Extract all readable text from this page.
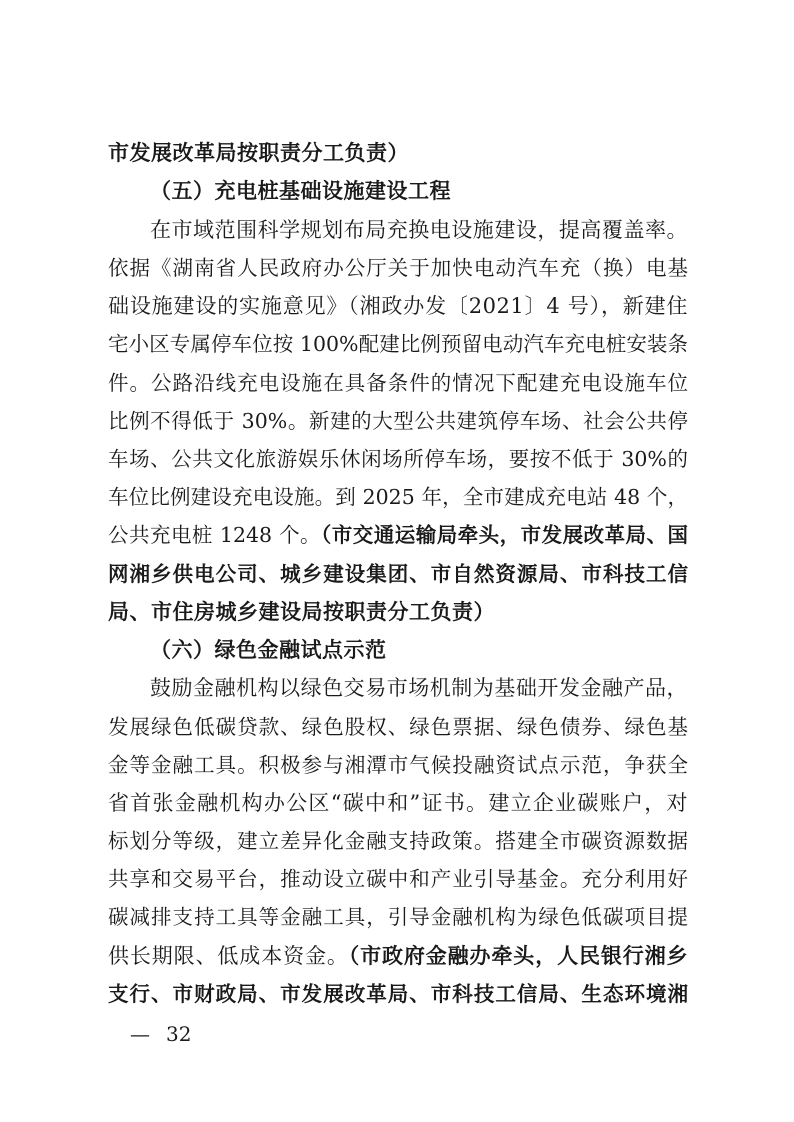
市发展改革局按职责分工负责）
（五）充电桩基础设施建设工程
在市域范围科学规划布局充换电设施建设，提高覆盖率。
依据《湖南省人民政府办公厅关于加快电动汽车充（换）电基
础设施建设的实施意见》（湘政办发〔2021〕4 号），新建住
宅小区专属停车位按 100%配建比例预留电动汽车充电桩安装条
件。公路沿线充电设施在具备条件的情况下配建充电设施车位
比例不得低于 30%。新建的大型公共建筑停车场、社会公共停
车场、公共文化旅游娱乐休闲场所停车场，要按不低于 30%的
车位比例建设充电设施。到 2025 年，全市建成充电站 48 个，
公共充电桩 1248 个。（市交通运输局牵头，市发展改革局、国
网湘乡供电公司、城乡建设集团、市自然资源局、市科技工信
局、市住房城乡建设局按职责分工负责）
（六）绿色金融试点示范
鼓励金融机构以绿色交易市场机制为基础开发金融产品，
发展绿色低碳贷款、绿色股权、绿色票据、绿色债券、绿色基
金等金融工具。积极参与湘潭市气候投融资试点示范，争获全
省首张金融机构办公区“碳中和”证书。建立企业碳账户，对
标划分等级，建立差异化金融支持政策。搭建全市碳资源数据
共享和交易平台，推动设立碳中和产业引导基金。充分利用好
碳减排支持工具等金融工具，引导金融机构为绿色低碳项目提
供长期限、低成本资金。（市政府金融办牵头，人民银行湘乡
支行、市财政局、市发展改革局、市科技工信局、生态环境湘
— 32
